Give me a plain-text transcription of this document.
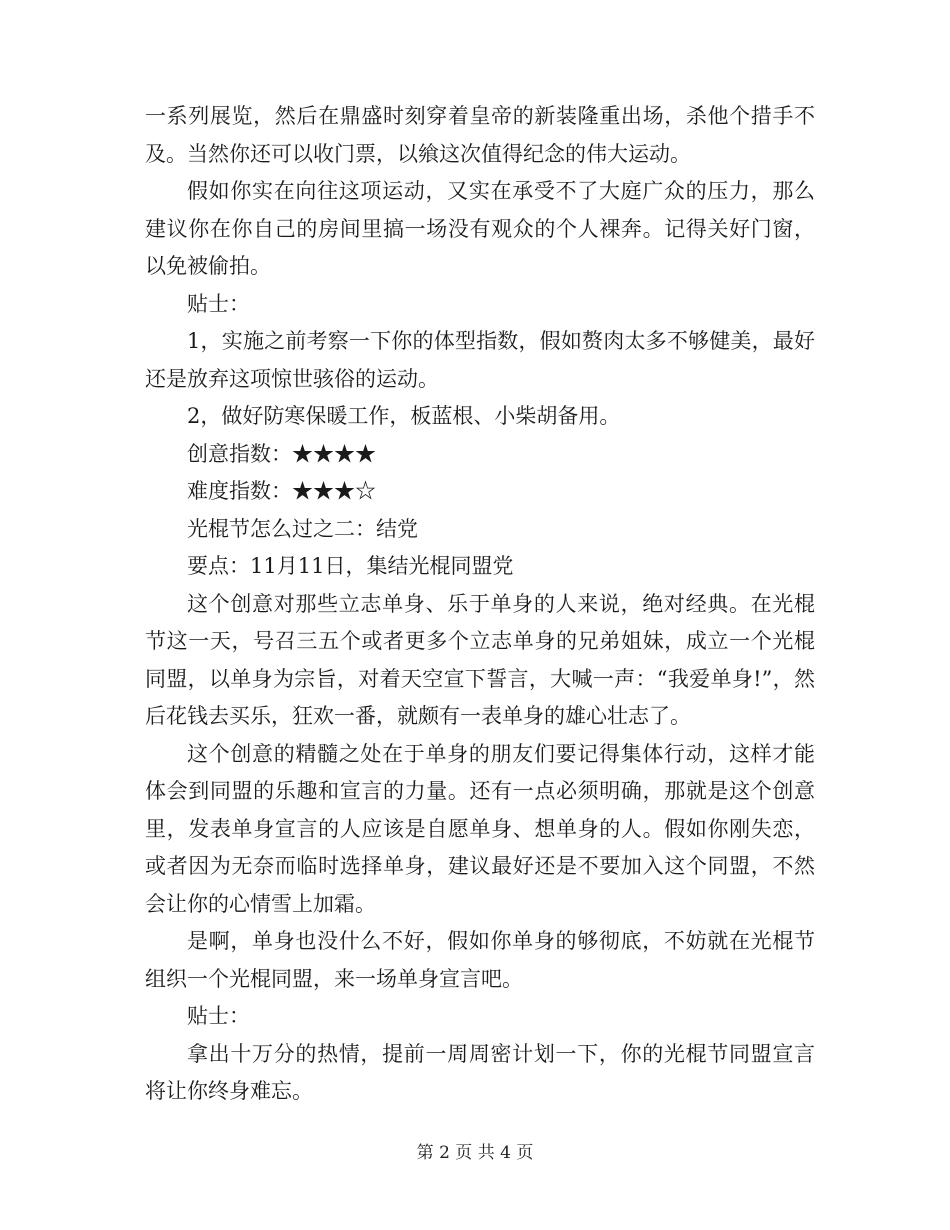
一系列展览，然后在鼎盛时刻穿着皇帝的新装隆重出场，杀他个措手不及。当然你还可以收门票，以飨这次值得纪念的伟大运动。

假如你实在向往这项运动，又实在承受不了大庭广众的压力，那么建议你在你自己的房间里搞一场没有观众的个人裸奔。记得关好门窗，以免被偷拍。

贴士：

1，实施之前考察一下你的体型指数，假如赘肉太多不够健美，最好还是放弃这项惊世骇俗的运动。

2，做好防寒保暖工作，板蓝根、小柴胡备用。

创意指数：★★★★

难度指数：★★★☆

光棍节怎么过之二：结党

要点：11月11日，集结光棍同盟党

这个创意对那些立志单身、乐于单身的人来说，绝对经典。在光棍节这一天，号召三五个或者更多个立志单身的兄弟姐妹，成立一个光棍同盟，以单身为宗旨，对着天空宣下誓言，大喊一声：“我爱单身!”，然后花钱去买乐，狂欢一番，就颇有一表单身的雄心壮志了。

这个创意的精髓之处在于单身的朋友们要记得集体行动，这样才能体会到同盟的乐趣和宣言的力量。还有一点必须明确，那就是这个创意里，发表单身宣言的人应该是自愿单身、想单身的人。假如你刚失恋，或者因为无奈而临时选择单身，建议最好还是不要加入这个同盟，不然会让你的心情雪上加霜。

是啊，单身也没什么不好，假如你单身的够彻底，不妨就在光棍节组织一个光棍同盟，来一场单身宣言吧。

贴士：

拿出十万分的热情，提前一周周密计划一下，你的光棍节同盟宣言将让你终身难忘。

第 2 页 共 4 页
